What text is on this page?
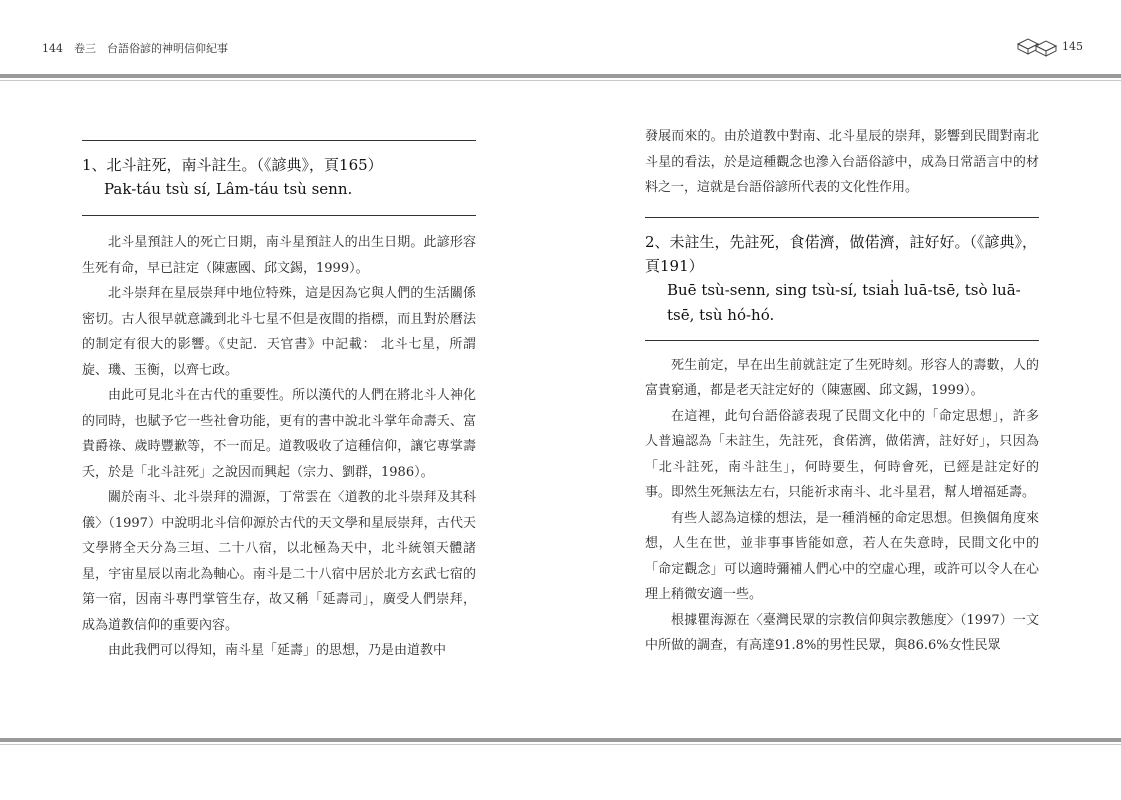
144　卷三　台語俗諺的神明信仰紀事	145
1、北斗註死，南斗註生。（《諺典》，頁165）
Pak-táu tsù sí, Lâm-táu tsù senn.

北斗星預註人的死亡日期，南斗星預註人的出生日期。此諺形容生死有命，早已註定（陳憲國、邱文錫，1999）。

北斗崇拜在星辰崇拜中地位特殊，這是因為它與人們的生活關係密切。古人很早就意識到北斗七星不但是夜間的指標，而且對於曆法的制定有很大的影響。《史記．天官書》中記載： 北斗七星，所謂旋、璣、玉衡，以齊七政。

由此可見北斗在古代的重要性。所以漢代的人們在將北斗人神化的同時，也賦予它一些社會功能，更有的書中說北斗掌年命壽夭、富貴爵祿、歲時豐歉等，不一而足。道教吸收了這種信仰，讓它專掌壽夭，於是「北斗註死」之說因而興起（宗力、劉群，1986）。

關於南斗、北斗崇拜的淵源，丁常雲在〈道教的北斗崇拜及其科儀〉（1997）中說明北斗信仰源於古代的天文學和星辰崇拜，古代天文學將全天分為三垣、二十八宿，以北極為天中，北斗統領天體諸星，宇宙星辰以南北為軸心。南斗是二十八宿中居於北方玄武七宿的第一宿，因南斗專門掌管生存，故又稱「延壽司」，廣受人們崇拜，成為道教信仰的重要內容。

由此我們可以得知，南斗星「延壽」的思想，乃是由道教中

發展而來的。由於道教中對南、北斗星辰的崇拜，影響到民間對南北斗星的看法，於是這種觀念也滲入台語俗諺中，成為日常語言中的材料之一，這就是台語俗諺所代表的文化性作用。

2、未註生，先註死，食偌濟，做偌濟，註好好。（《諺典》，頁191）
Buē tsù-senn, sing tsù-sí, tsiah̍ luā-tsē, tsò luā-tsē, tsù hó-hó.

死生前定，早在出生前就註定了生死時刻。形容人的壽數，人的富貴窮通，都是老天註定好的（陳憲國、邱文錫，1999）。

在這裡，此句台語俗諺表現了民間文化中的「命定思想」，許多人普遍認為「未註生，先註死，食偌濟，做偌濟，註好好」，只因為「北斗註死，南斗註生」，何時要生，何時會死，已經是註定好的事。即然生死無法左右，只能祈求南斗、北斗星君，幫人增福延壽。

有些人認為這樣的想法，是一種消極的命定思想。但換個角度來想，人生在世，並非事事皆能如意，若人在失意時，民間文化中的「命定觀念」可以適時彌補人們心中的空虛心理，或許可以令人在心理上稍微安適一些。

根據瞿海源在〈臺灣民眾的宗教信仰與宗教態度〉（1997）一文中所做的調查，有高達91.8%的男性民眾，與86.6%女性民眾
